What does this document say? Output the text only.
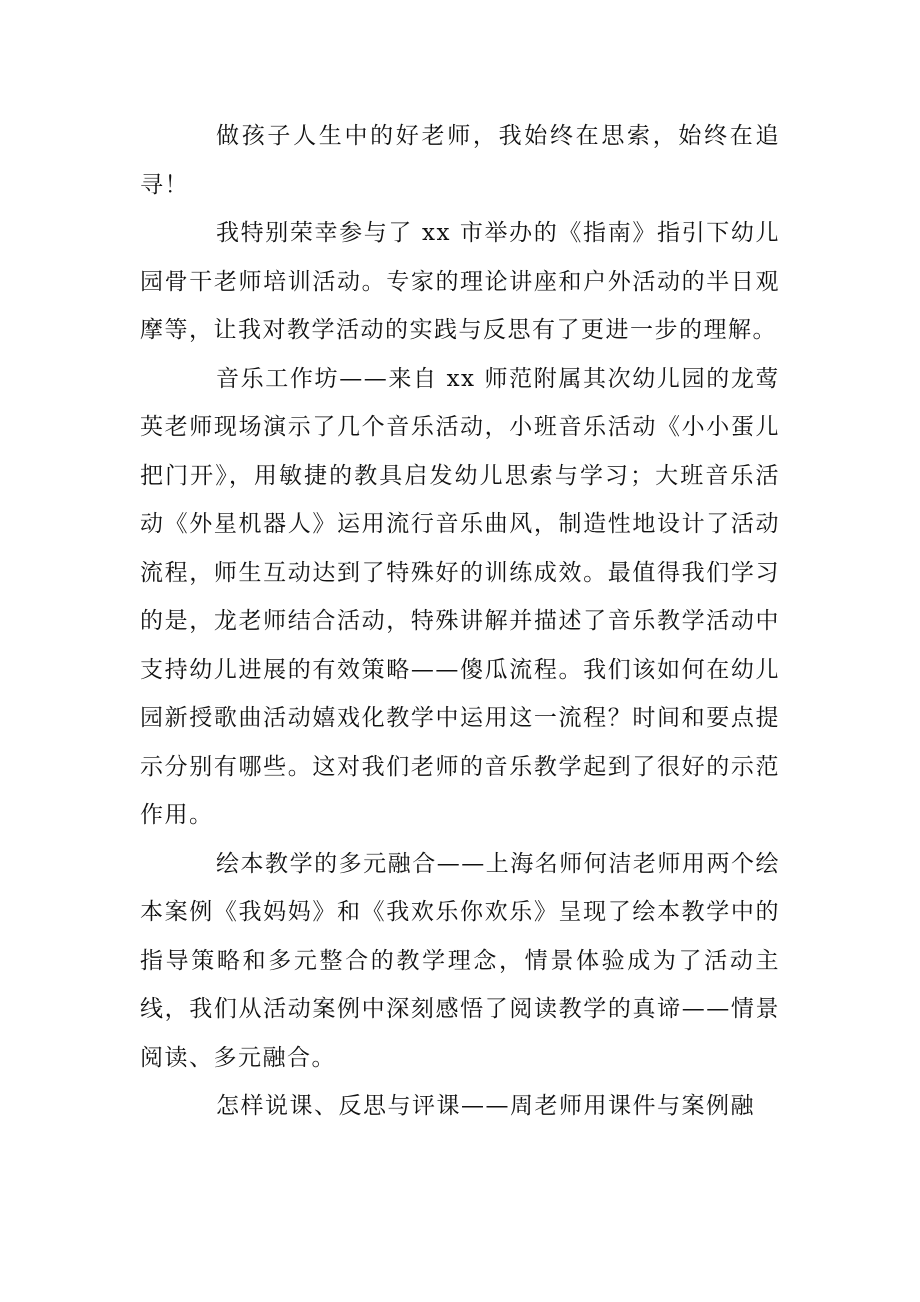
做孩子人生中的好老师，我始终在思索，始终在追寻！

我特别荣幸参与了 xx 市举办的《指南》指引下幼儿园骨干老师培训活动。专家的理论讲座和户外活动的半日观摩等，让我对教学活动的实践与反思有了更进一步的理解。

音乐工作坊——来自 xx 师范附属其次幼儿园的龙莺英老师现场演示了几个音乐活动，小班音乐活动《小小蛋儿把门开》，用敏捷的教具启发幼儿思索与学习；大班音乐活动《外星机器人》运用流行音乐曲风，制造性地设计了活动流程，师生互动达到了特殊好的训练成效。最值得我们学习的是，龙老师结合活动，特殊讲解并描述了音乐教学活动中支持幼儿进展的有效策略——傻瓜流程。我们该如何在幼儿园新授歌曲活动嬉戏化教学中运用这一流程？时间和要点提示分别有哪些。这对我们老师的音乐教学起到了很好的示范作用。

绘本教学的多元融合——上海名师何洁老师用两个绘本案例《我妈妈》和《我欢乐你欢乐》呈现了绘本教学中的指导策略和多元整合的教学理念，情景体验成为了活动主线，我们从活动案例中深刻感悟了阅读教学的真谛——情景阅读、多元融合。

怎样说课、反思与评课——周老师用课件与案例融
